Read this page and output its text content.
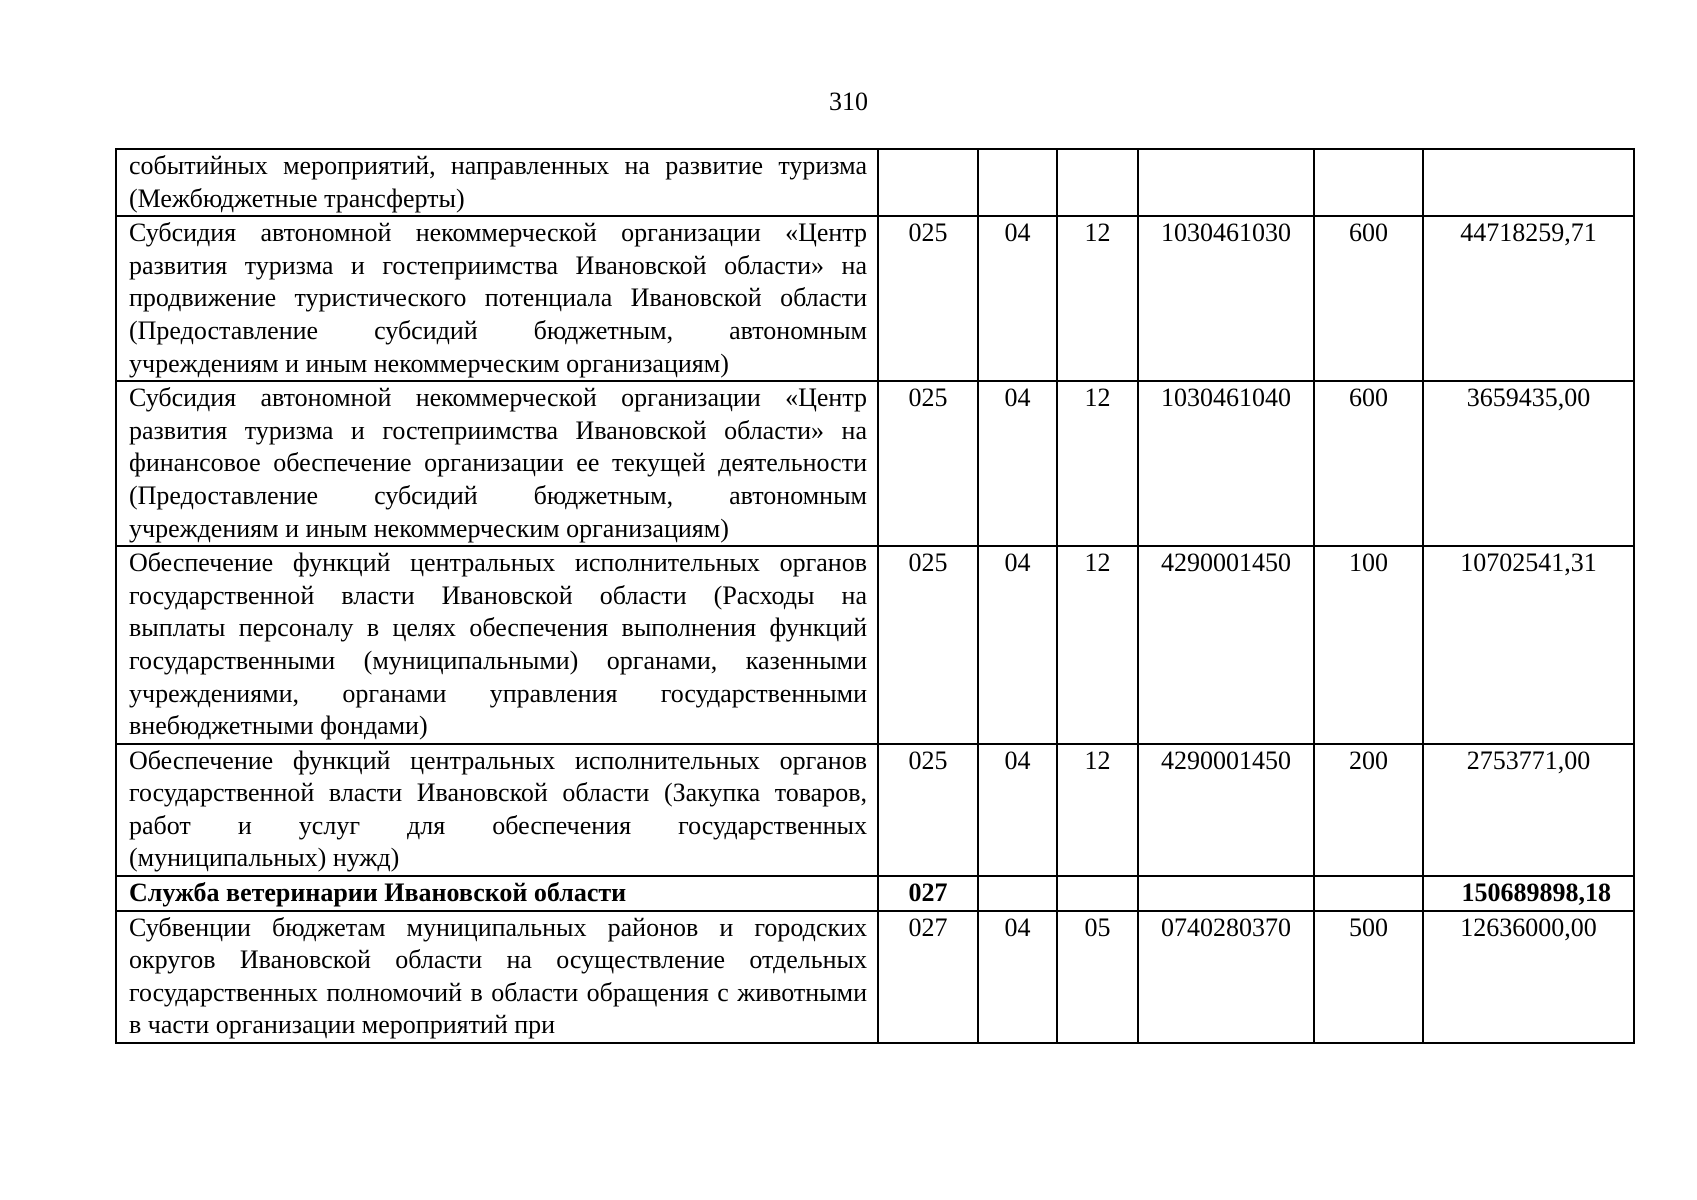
310
событийных мероприятий, направленных на развитие туризма (Межбюджетные трансферты)						
Субсидия автономной некоммерческой организации «Центр развития туризма и гостеприимства Ивановской области» на продвижение туристического потенциала Ивановской области (Предоставление субсидий бюджетным, автономным учреждениям и иным некоммерческим организациям)	025	04	12	1030461030	600	44718259,71
Субсидия автономной некоммерческой организации «Центр развития туризма и гостеприимства Ивановской области» на финансовое обеспечение организации ее текущей деятельности (Предоставление субсидий бюджетным, автономным учреждениям и иным некоммерческим организациям)	025	04	12	1030461040	600	3659435,00
Обеспечение функций центральных исполнительных органов государственной власти Ивановской области (Расходы на выплаты персоналу в целях обеспечения выполнения функций государственными (муниципальными) органами, казенными учреждениями, органами управления государственными внебюджетными фондами)	025	04	12	4290001450	100	10702541,31
Обеспечение функций центральных исполнительных органов государственной власти Ивановской области (Закупка товаров, работ и услуг для обеспечения государственных (муниципальных) нужд)	025	04	12	4290001450	200	2753771,00
Служба ветеринарии Ивановской области	027					150689898,18
Субвенции бюджетам муниципальных районов и городских округов Ивановской области на осуществление отдельных государственных полномочий в области обращения с животными в части организации мероприятий при	027	04	05	0740280370	500	12636000,00
